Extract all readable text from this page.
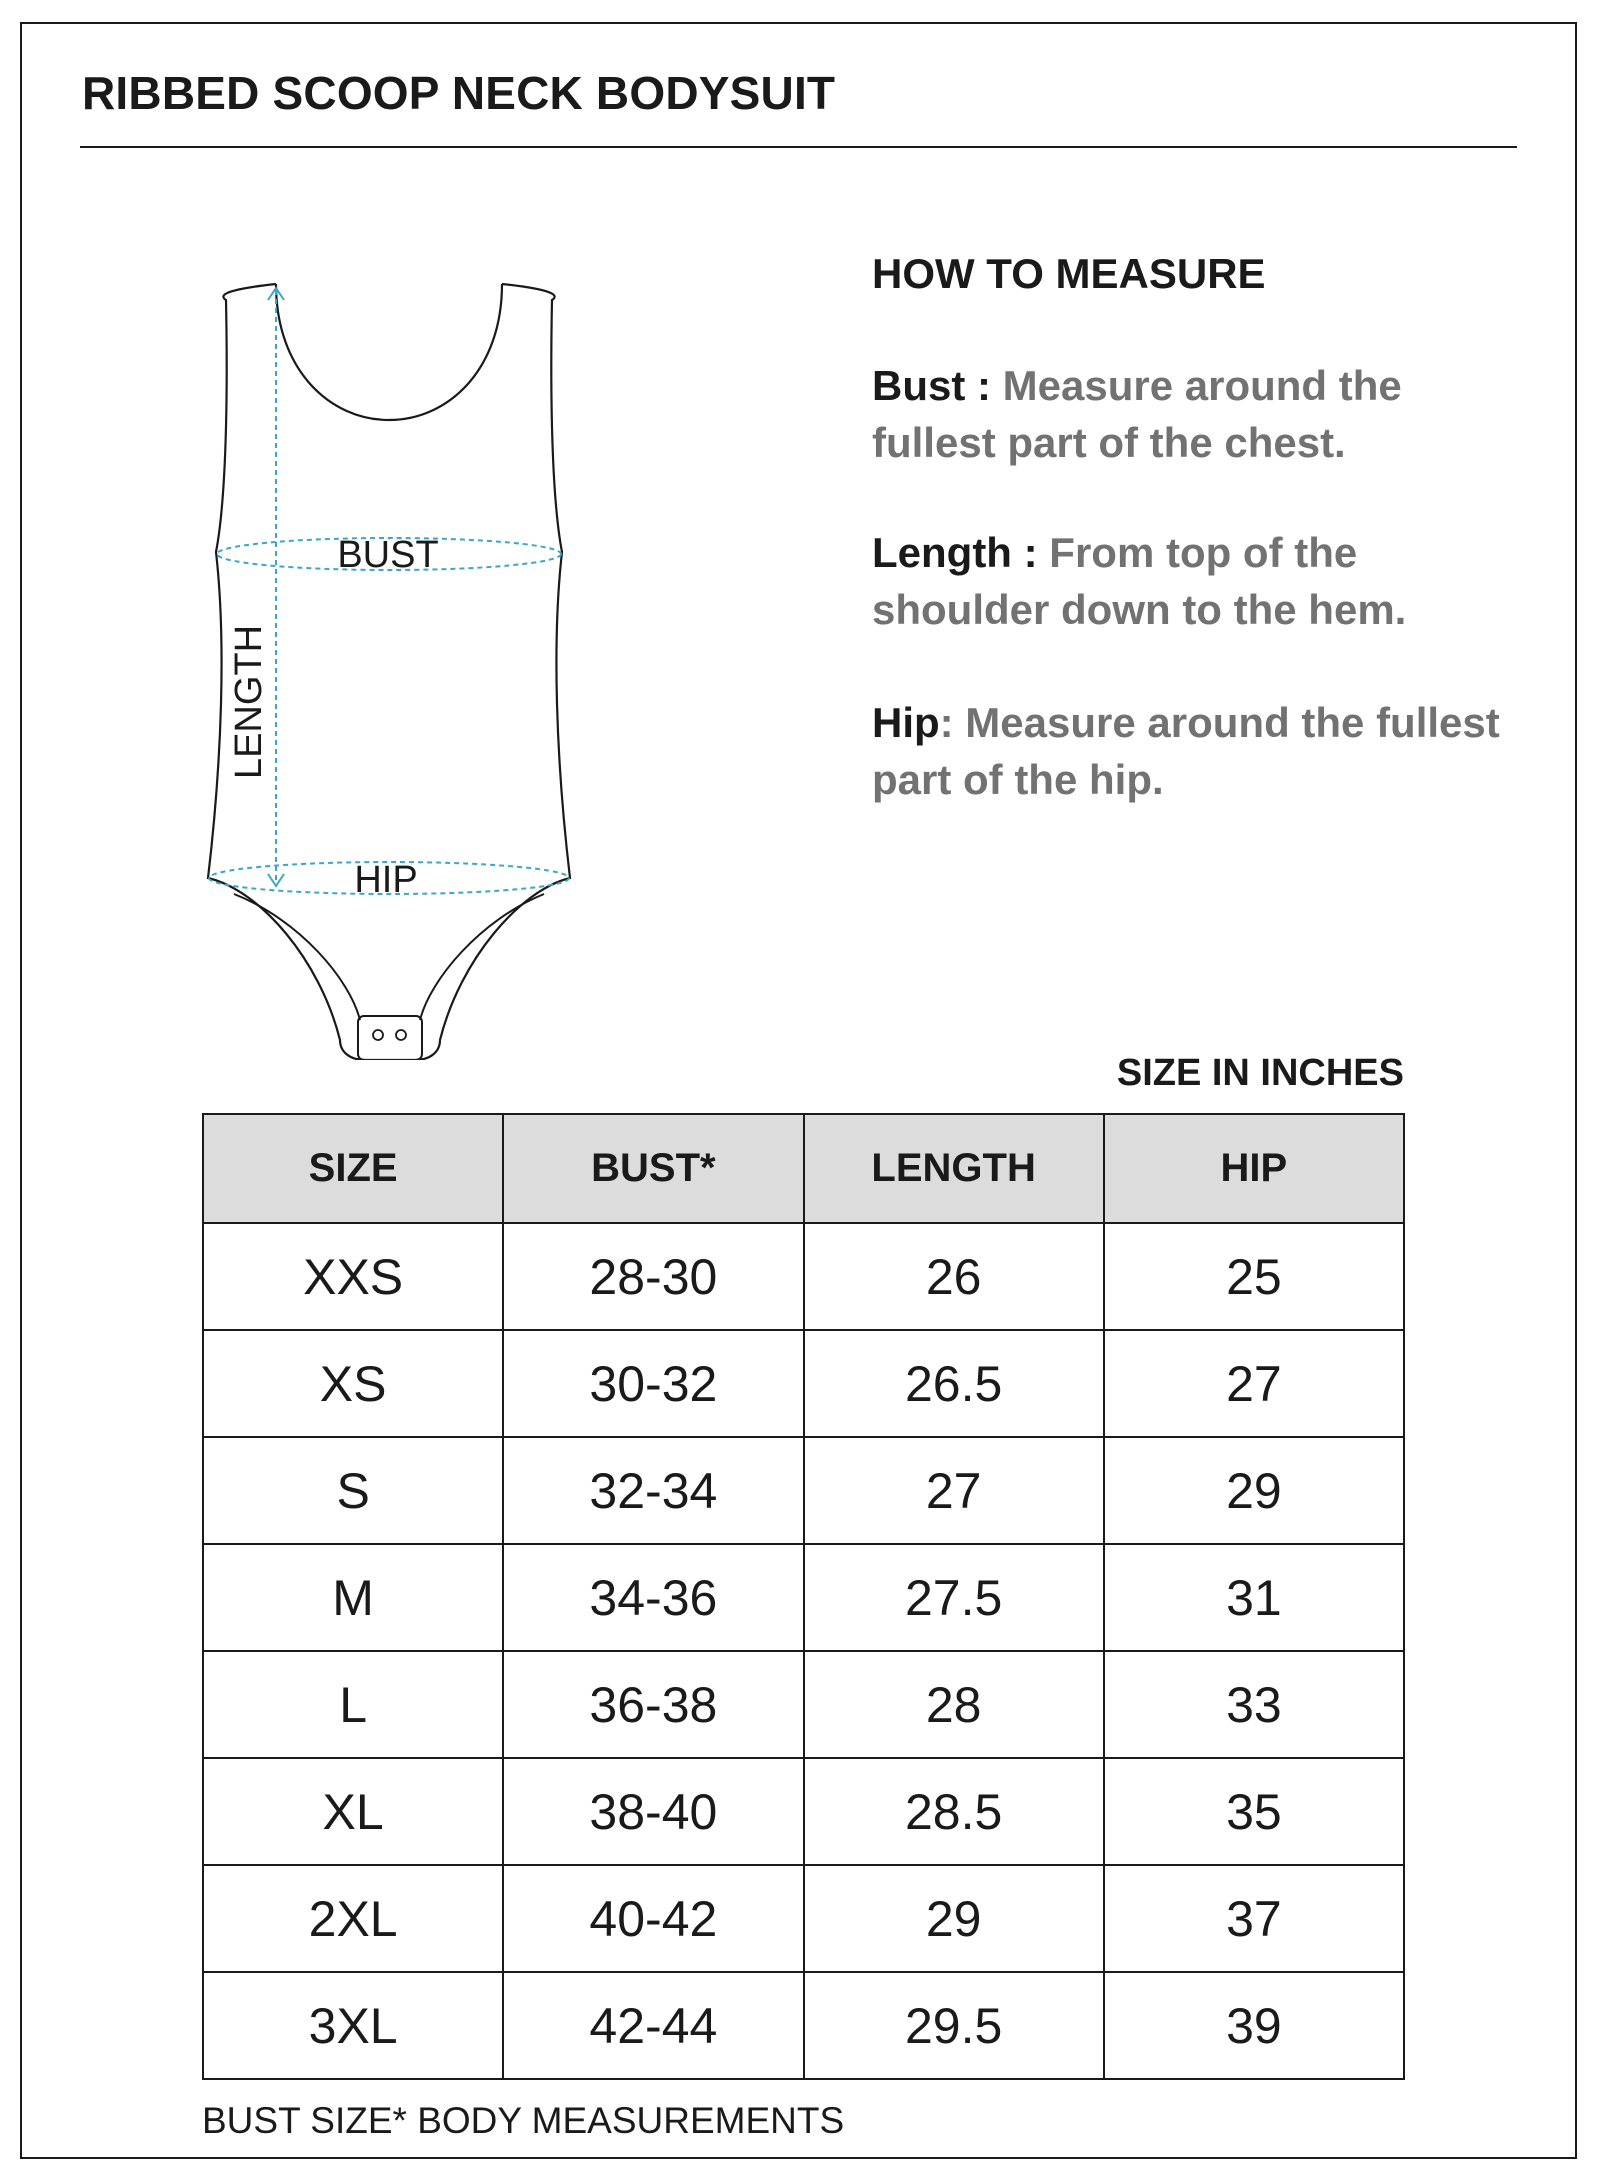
RIBBED SCOOP NECK BODYSUIT
BUST
HIP
LENGTH
HOW TO MEASURE
Bust : Measure around the fullest part of the chest.
Length : From top of the shoulder down to the hem.
Hip: Measure around the fullest part of the hip.
SIZE IN INCHES
SIZE	BUST*	LENGTH	HIP
XXS	28-30	26	25
XS	30-32	26.5	27
S	32-34	27	29
M	34-36	27.5	31
L	36-38	28	33
XL	38-40	28.5	35
2XL	40-42	29	37
3XL	42-44	29.5	39
BUST SIZE* BODY MEASUREMENTS
